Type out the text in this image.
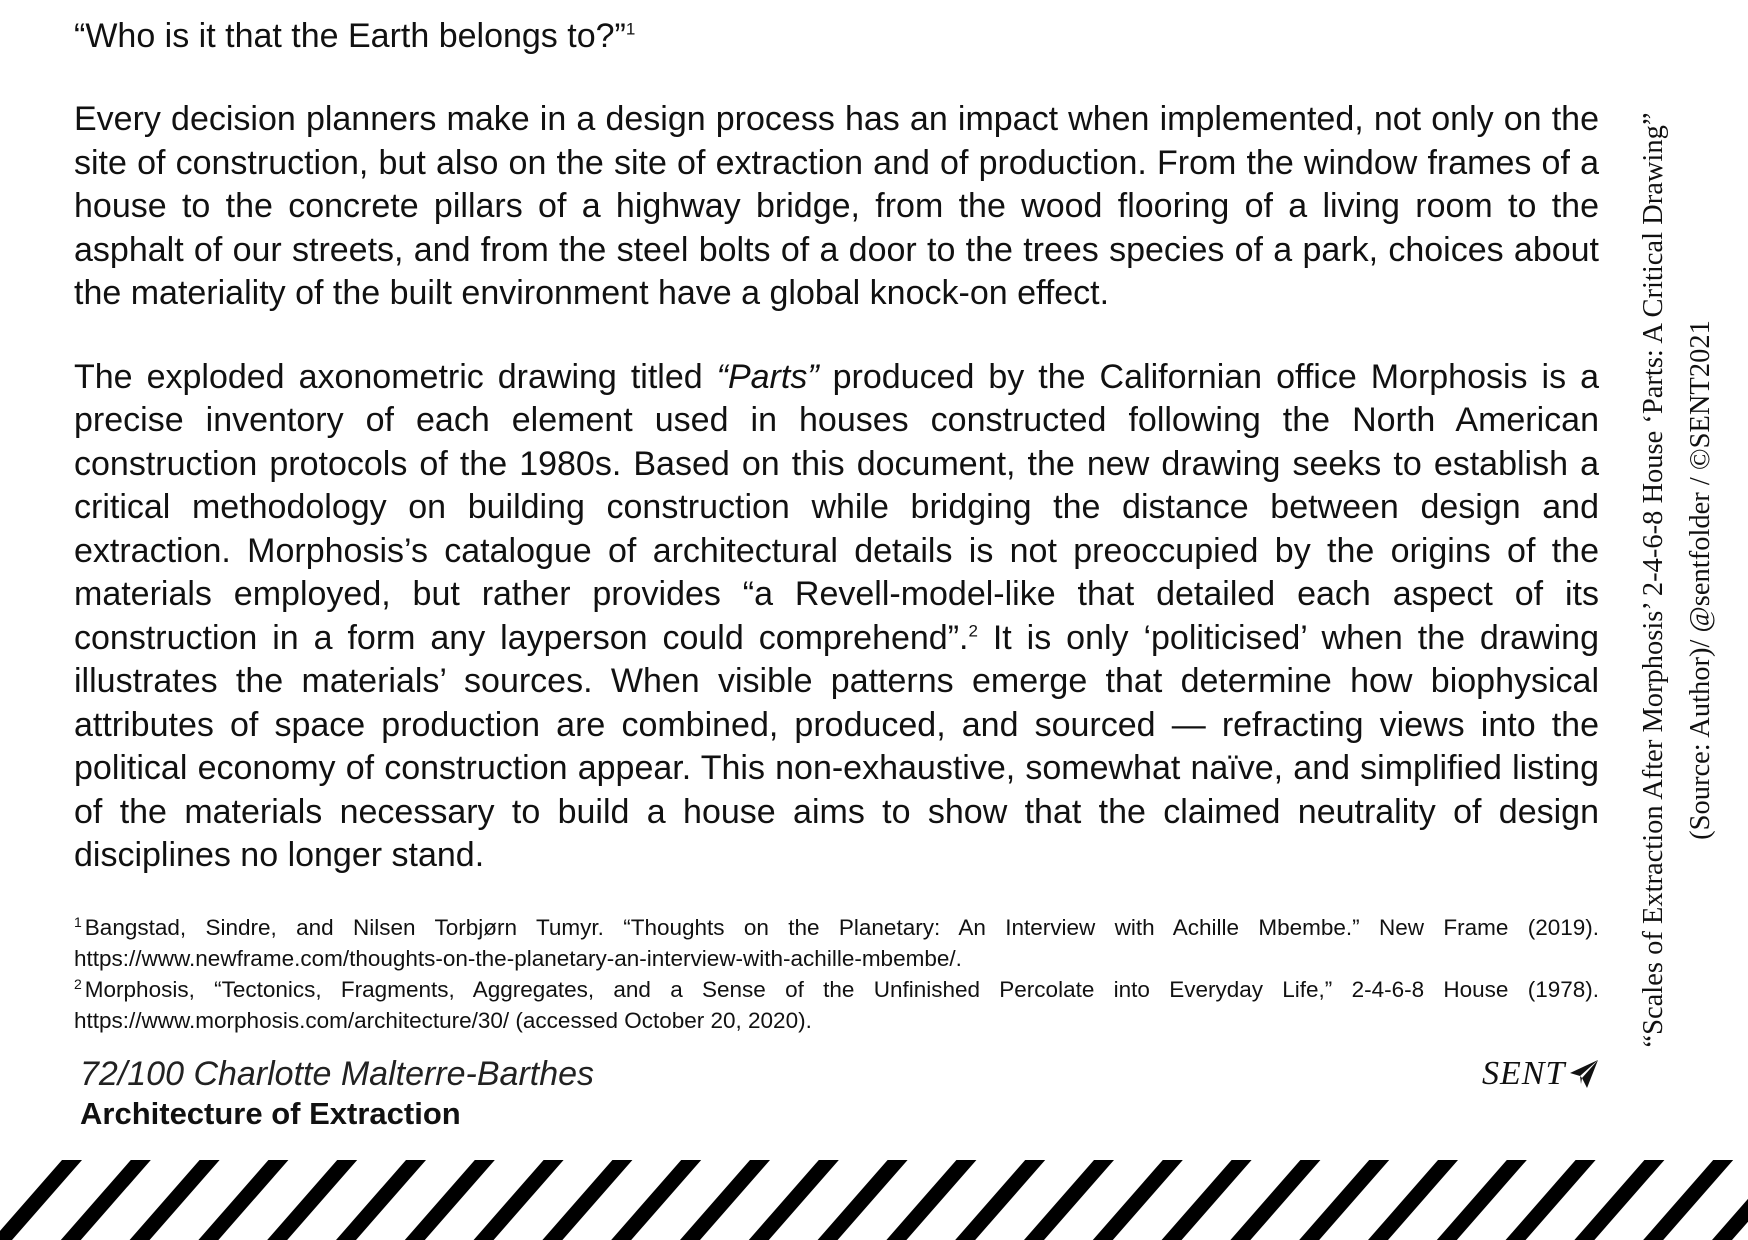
“Who is it that the Earth belongs to?”$^1$

Every decision planners make in a design process has an impact when implemented, not only on the site of construction, but also on the site of extraction and of production. From the window frames of a house to the concrete pillars of a highway bridge, from the wood flooring of a living room to the asphalt of our streets, and from the steel bolts of a door to the trees species of a park, choices about the materiality of the built environment have a global knock-on effect.

The exploded axonometric drawing titled “Parts” produced by the Californian office Morphosis is a precise inventory of each element used in houses constructed following the North American construction protocols of the 1980s. Based on this document, the new drawing seeks to establish a critical methodology on building construction while bridging the distance between design and extraction. Morphosis’s catalogue of architectural details is not preoccupied by the origins of the materials employed, but rather provides “a Revell-model-like that detailed each aspect of its construction in a form any layperson could comprehend”.$^2$ It is only ‘politicised’ when the drawing illustrates the materials’ sources. When visible patterns emerge that determine how biophysical attributes of space production are combined, produced, and sourced — refracting views into the political economy of construction appear. This non-exhaustive, somewhat naïve, and simplified listing of the materials necessary to build a house aims to show that the claimed neutrality of design disciplines no longer stand.

$^1$ Bangstad, Sindre, and Nilsen Torbjørn Tumyr. “Thoughts on the Planetary: An Interview with Achille Mbembe.” New Frame (2019). https://www.newframe.com/thoughts-on-the-planetary-an-interview-with-achille-mbembe/.

$^2$ Morphosis, “Tectonics, Fragments, Aggregates, and a Sense of the Unfinished Percolate into Everyday Life,” 2-4-6-8 House (1978). https://www.morphosis.com/architecture/30/ (accessed October 20, 2020).

72/100 Charlotte Malterre-Barthes
Architecture of Extraction
SENT
“Scales of Extraction After Morphosis’ 2-4-6-8 House ‘Parts: A Critical Drawing” (Source: Author)/ @sentfolder / ©SENT2021
